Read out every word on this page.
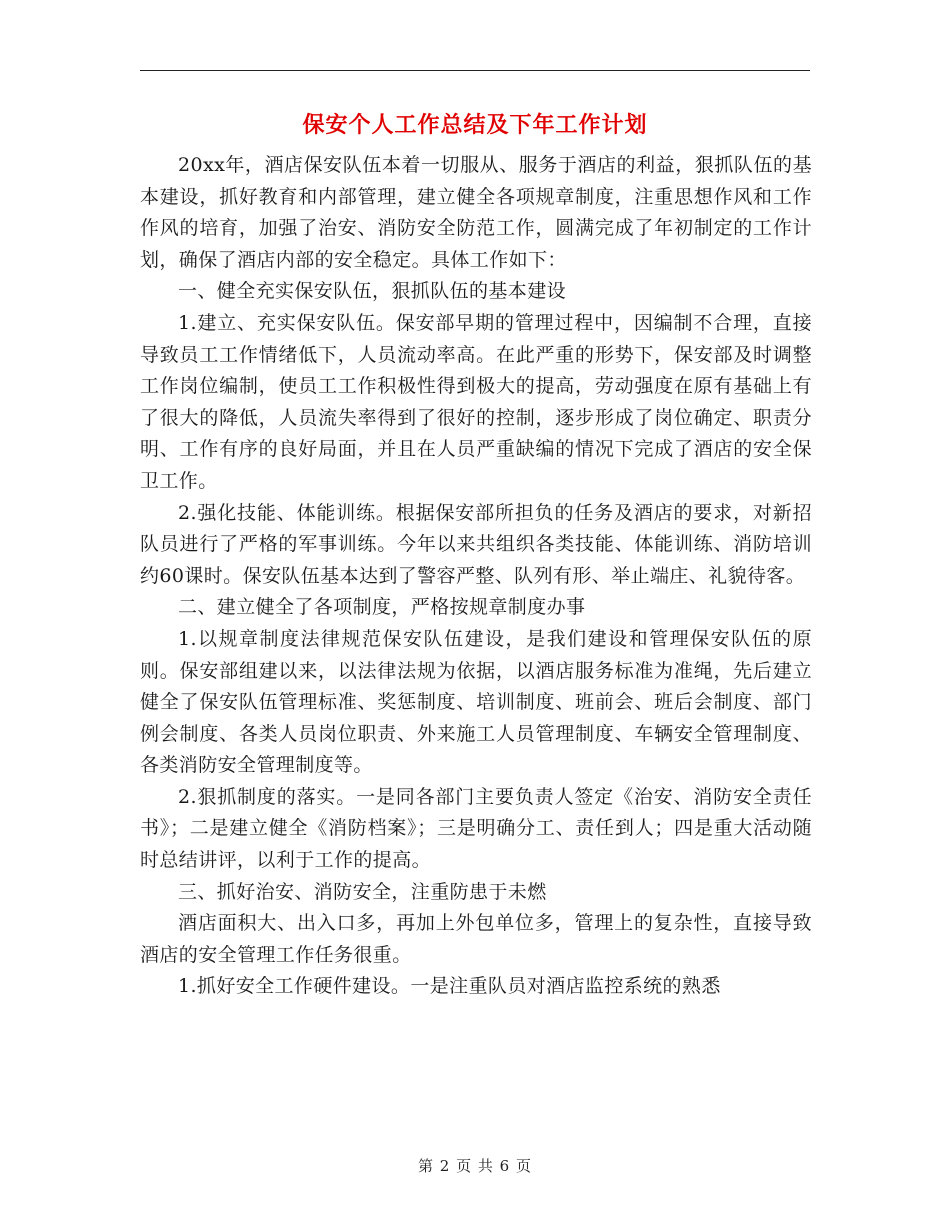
保安个人工作总结及下年工作计划

20xx年，酒店保安队伍本着一切服从、服务于酒店的利益，狠抓队伍的基本建设，抓好教育和内部管理，建立健全各项规章制度，注重思想作风和工作作风的培育，加强了治安、消防安全防范工作，圆满完成了年初制定的工作计划，确保了酒店内部的安全稳定。具体工作如下：

一、健全充实保安队伍，狠抓队伍的基本建设

1.建立、充实保安队伍。保安部早期的管理过程中，因编制不合理，直接导致员工工作情绪低下，人员流动率高。在此严重的形势下，保安部及时调整工作岗位编制，使员工工作积极性得到极大的提高，劳动强度在原有基础上有了很大的降低，人员流失率得到了很好的控制，逐步形成了岗位确定、职责分明、工作有序的良好局面，并且在人员严重缺编的情况下完成了酒店的安全保卫工作。

2.强化技能、体能训练。根据保安部所担负的任务及酒店的要求，对新招队员进行了严格的军事训练。今年以来共组织各类技能、体能训练、消防培训约60课时。保安队伍基本达到了警容严整、队列有形、举止端庄、礼貌待客。

二、建立健全了各项制度，严格按规章制度办事

1.以规章制度法律规范保安队伍建设，是我们建设和管理保安队伍的原则。保安部组建以来，以法律法规为依据，以酒店服务标准为准绳，先后建立健全了保安队伍管理标准、奖惩制度、培训制度、班前会、班后会制度、部门例会制度、各类人员岗位职责、外来施工人员管理制度、车辆安全管理制度、各类消防安全管理制度等。

2.狠抓制度的落实。一是同各部门主要负责人签定《治安、消防安全责任书》；二是建立健全《消防档案》；三是明确分工、责任到人；四是重大活动随时总结讲评，以利于工作的提高。

三、抓好治安、消防安全，注重防患于未燃

酒店面积大、出入口多，再加上外包单位多，管理上的复杂性，直接导致酒店的安全管理工作任务很重。

1.抓好安全工作硬件建设。一是注重队员对酒店监控系统的熟悉

第 2 页 共 6 页
